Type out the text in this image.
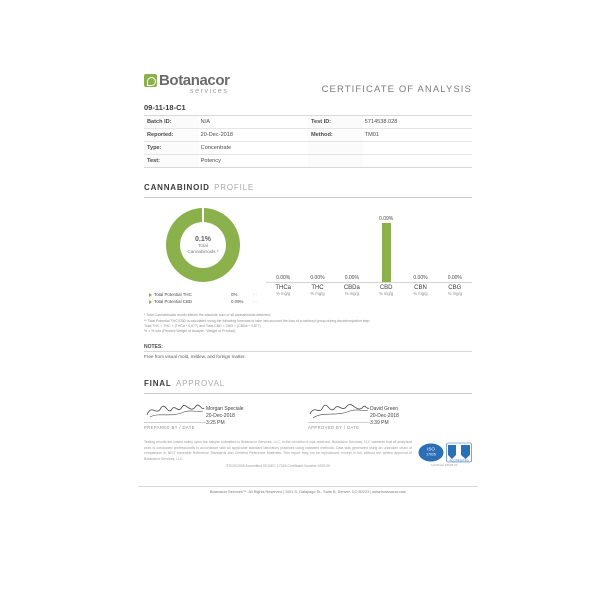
Botanacor
services	CERTIFICATE OF ANALYSIS
09-11-18-C1
Batch ID:	N/A	Test ID:	5714538.028
Reported:	20-Dec-2018	Method:	TM01
Type:	Concentrate
Test:	Potency
CANNABINOID PROFILE
0.1%
Total
Cannabinoids *
Total Potential THC	0%	···
Total Potential CBD	0.09%	···
0.00%	0.00%	0.00%
0.09%
0.00%	0.00%
THCa
% mg/g
THC
% mg/g
CBDa
% mg/g
CBD
% mg/g
CBN
% mg/g
CBG
% mg/g
* Total Cannabinoids result reflects the absolute sum of all cannabinoids detected.
** Total Potential THC/CBD is calculated using the following formulas to take into account the loss of a carboxyl group during decarboxylation step:
Total THC = THC + (THCa * 0.877) and Total CBD = CBD + (CBDa * 0.877).
% = % w/w (Percent Weight of Analyte / Weight of Product)
NOTES:
Free from visual mold, mildew, and foreign matter.
FINAL APPROVAL
PREPARED BY / DATE
Morgan Speciale
20-Dec-2018
3:25 PM
APPROVED BY / DATE
David Green
20-Dec-2018
3:39 PM
Testing results are based solely upon the sample submitted to Botanacor Services, LLC, in the condition it was received. Botanacor Services, LLC warrants that all analytical work is conducted professionally in accordance with all applicable standard laboratory practices using validated methods. Data was generated using an unbroken chain of comparison to NIST traceable Reference Standards and Certified Reference Materials. This report may not be reproduced, except in full, without the written approval of Botanacor Services, LLC.
ITS/20/2005 Accredited ISO/IEC 17025 Certificate Number 4529.00
ISO
17025
ACCREDITED
Certificate #4528.02
Botanacor Services™. All Rights Reserved | 1001 S. Galapago St., Suite B, Denver, CO 80223 | www.botanacor.com
